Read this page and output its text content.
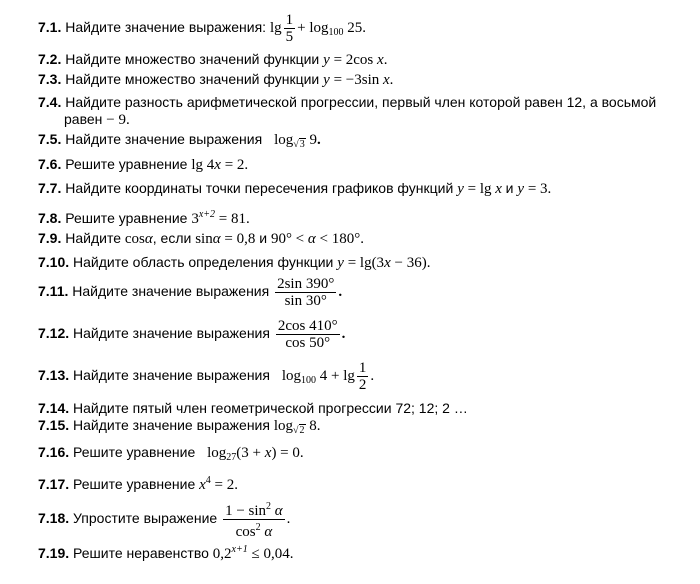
7.1. Найдите значение выражения: $\lg \frac{1}{5} + \log_{100} 25$.
7.2. Найдите множество значений функции y = 2cos x.
7.3. Найдите множество значений функции y = −3sin x.
7.4. Найдите разность арифметической прогрессии, первый член которой равен 12, а восьмой
равен − 9.
7.5. Найдите значение выражения log√3 9.
7.6. Решите уравнение lg 4x = 2.
7.7. Найдите координаты точки пересечения графиков функций y = lg x и y = 3.
7.8. Решите уравнение $3^{x+2} = 81$.
7.9. Найдите cosα, если sinα = 0,8 и 90° < α < 180°.
7.10. Найдите область определения функции y = lg(3x − 36).
7.11. Найдите значение выражения $\frac{2\sin 390^\circ}{\sin 30^\circ}$ .
7.12. Найдите значение выражения $\frac{2\cos 410^\circ}{\cos 50^\circ}$ .
7.13. Найдите значение выражения $\log_{100} 4 + \lg \frac{1}{2}$ .
7.14. Найдите пятый член геометрической прогрессии 72; 12; 2 …
7.15. Найдите значение выражения log√2 8.
7.16. Решите уравнение $\log_{27}(3 + x) = 0$.
7.17. Решите уравнение $x^4 = 2$.
7.18. Упростите выражение $\frac{1 - \sin^2 \alpha}{\cos^2 \alpha}$ .
7.19. Решите неравенство $0,2^{x+1} \le 0,04$.
